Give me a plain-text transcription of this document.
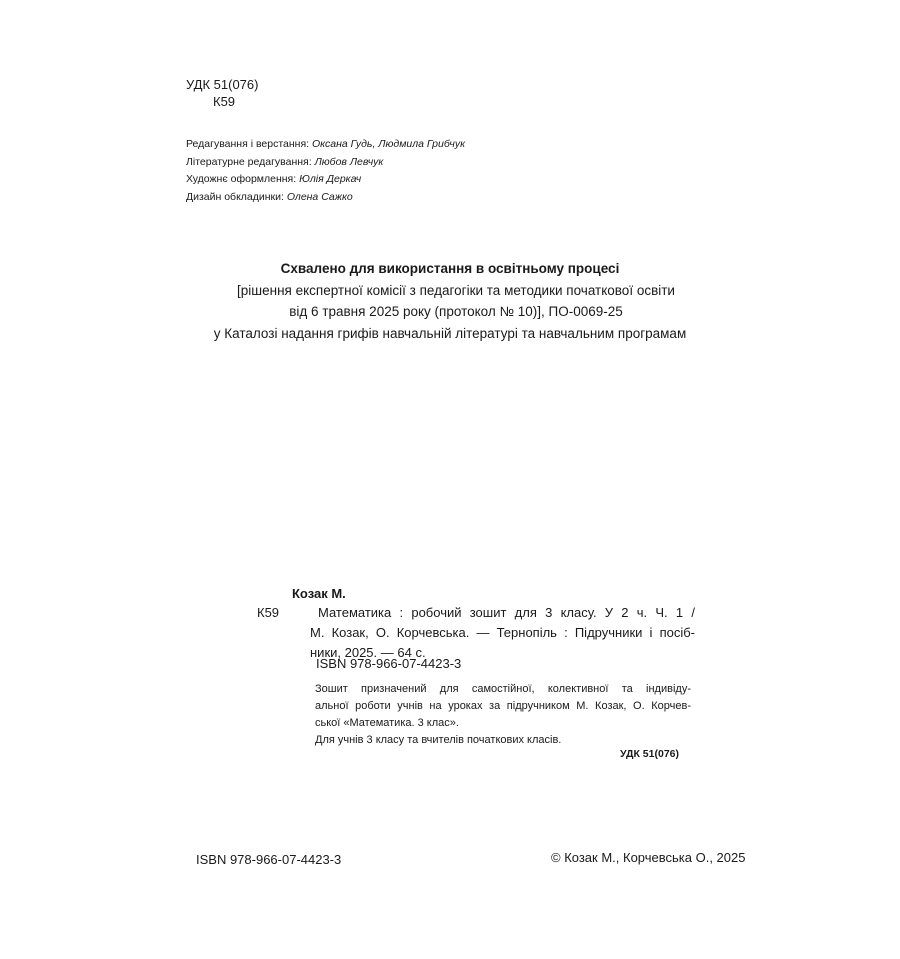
УДК 51(076)
К59
Редагування і верстання: Оксана Гудь, Людмила Грибчук
Літературне редагування: Любов Левчук
Художнє оформлення: Юлія Деркач
Дизайн обкладинки: Олена Сажко
Схвалено для використання в освітньому процесі
[рішення експертної комісії з педагогіки та методики початкової освіти
від 6 травня 2025 року (протокол № 10)], ПО-0069-25
у Каталозі надання грифів навчальній літературі та навчальним програмам
Козак М.
К59	Математика : робочий зошит для 3 класу. У 2 ч. Ч. 1 /
М. Козак, О. Корчевська. — Тернопіль : Підручники і посіб-
ники, 2025. — 64 с.
ISBN 978-966-07-4423-3
Зошит призначений для самостійної, колективної та індивіду-
альної роботи учнів на уроках за підручником М. Козак, О. Корчев-
ської «Математика. 3 клас».
Для учнів 3 класу та вчителів початкових класів.
УДК 51(076)
ISBN 978-966-07-4423-3	© Козак М., Корчевська О., 2025
